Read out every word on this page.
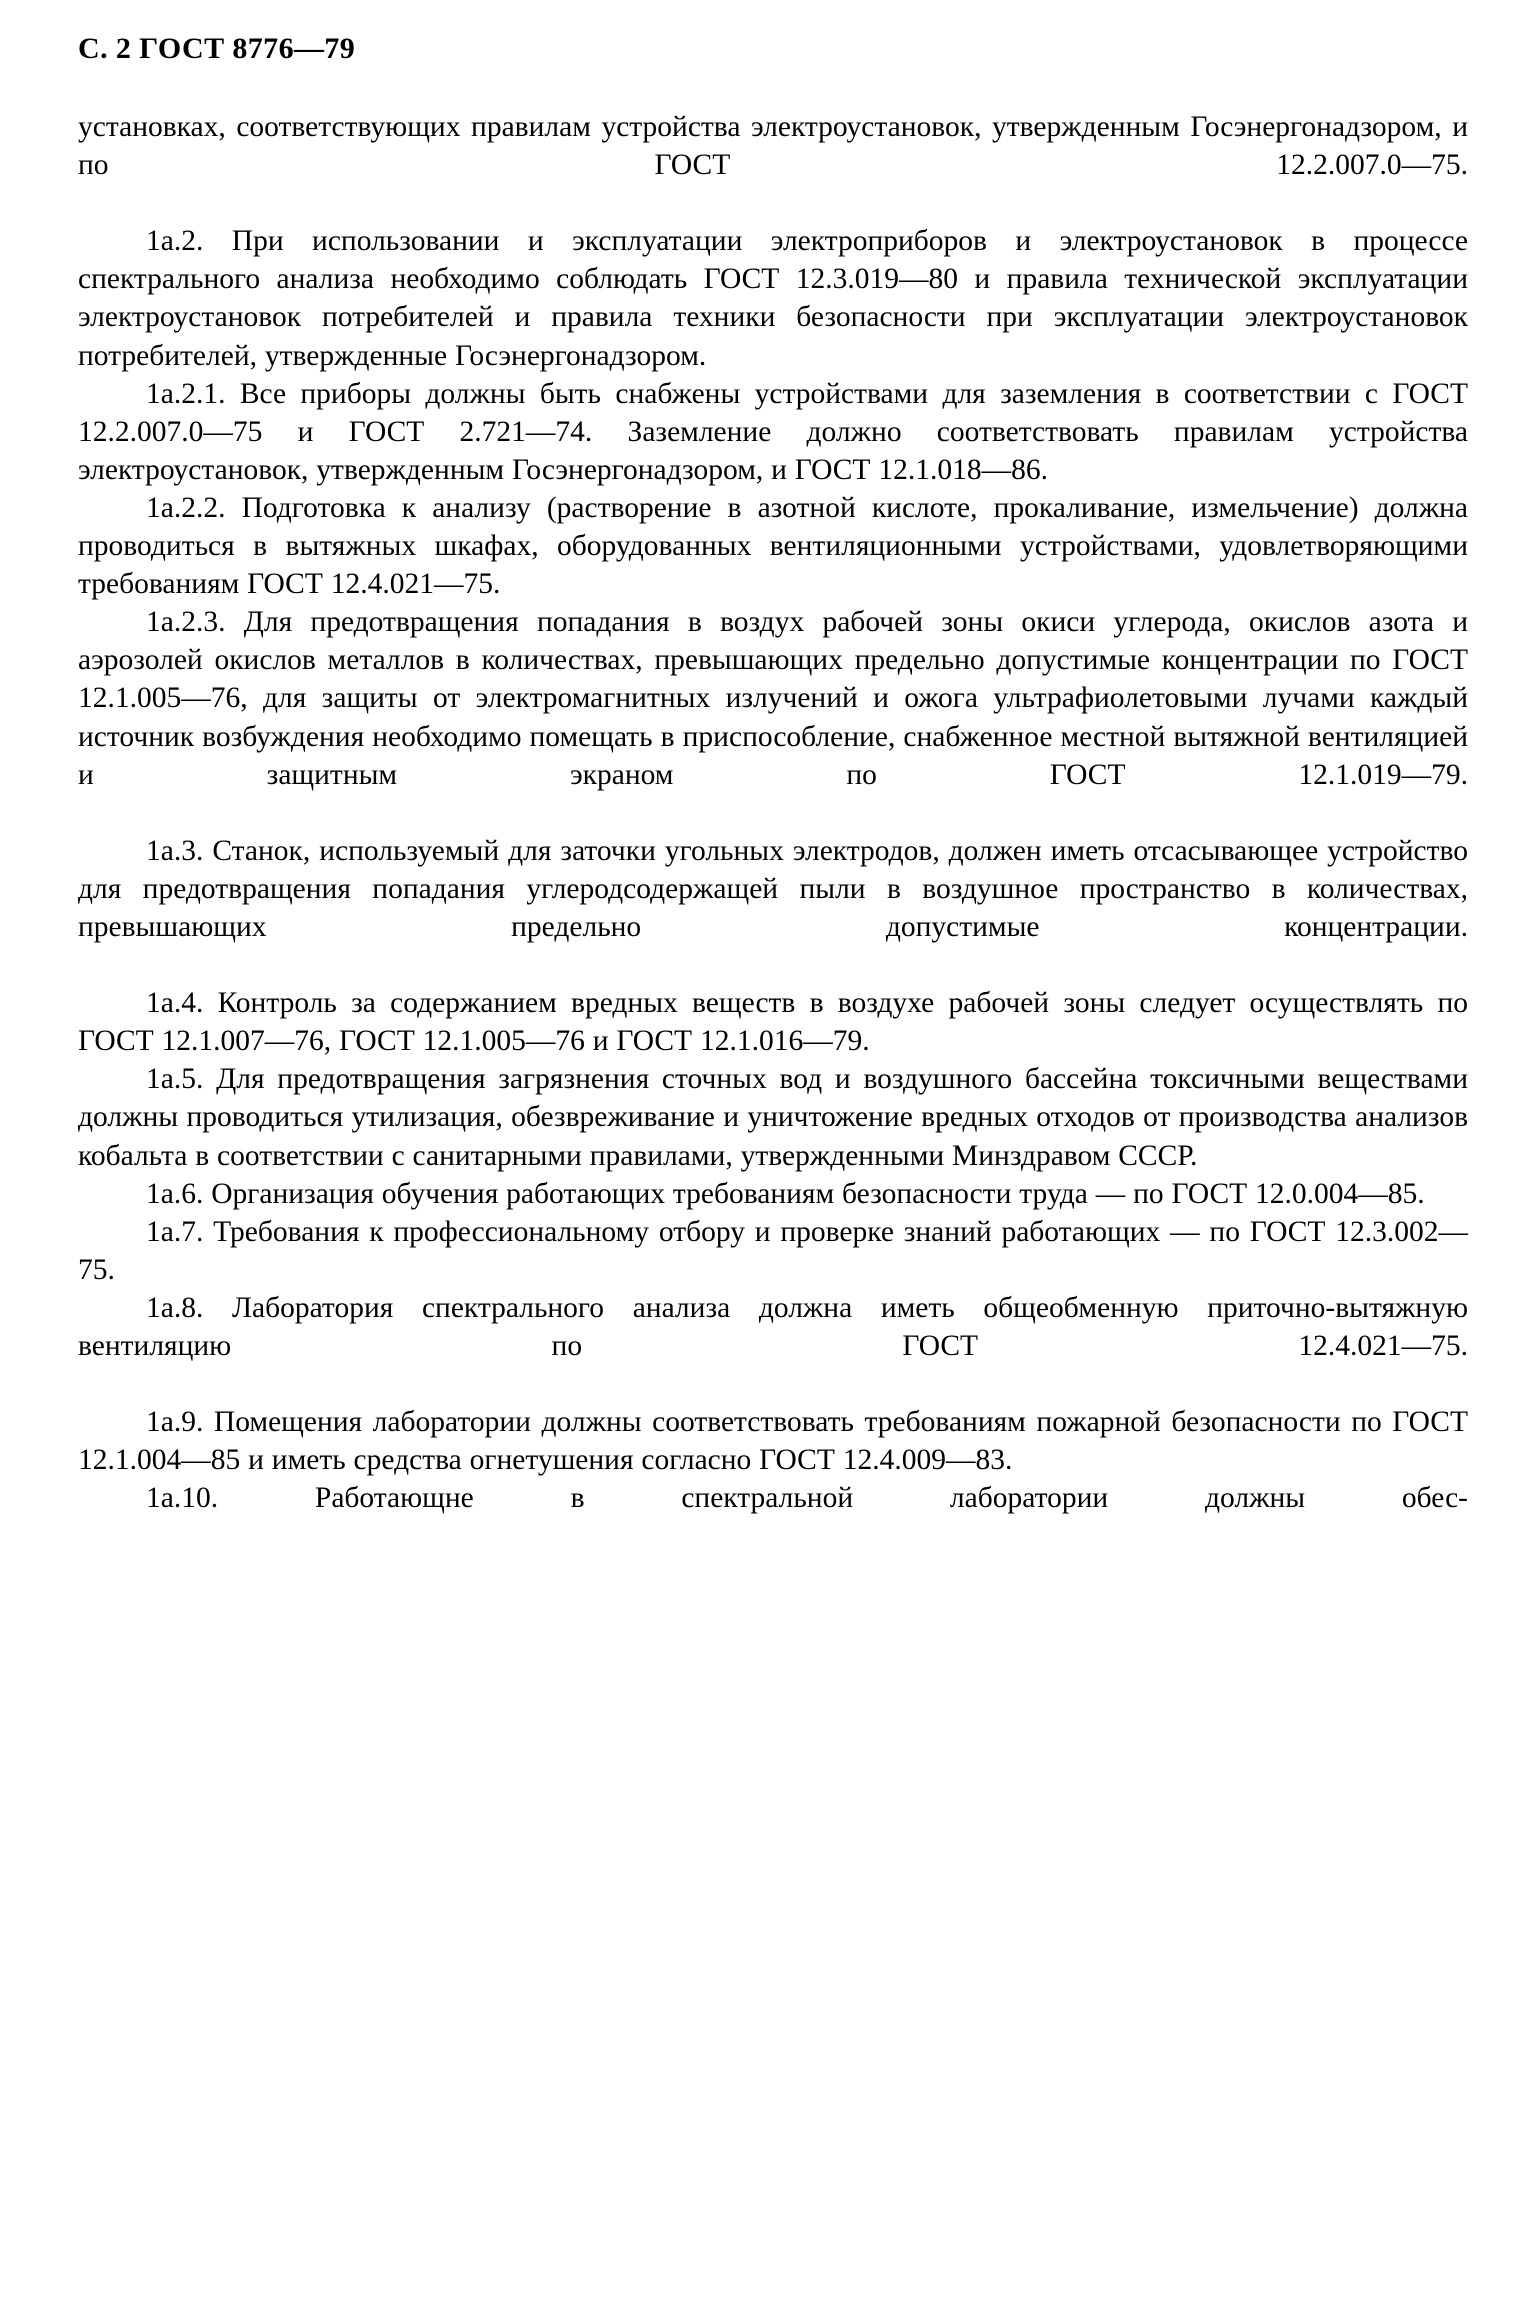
С. 2 ГОСТ 8776—79

установках, соответствующих правилам устройства электроустановок, утвержденным Госэнергонадзором, и по ГОСТ 12.2.007.0—75.

1а.2. При использовании и эксплуатации электроприборов и электроустановок в процессе спектрального анализа необходимо соблюдать ГОСТ 12.3.019—80 и правила технической эксплуатации электроустановок потребителей и правила техники безопасности при эксплуатации электроустановок потребителей, утвержденные Госэнергонадзором.

1а.2.1. Все приборы должны быть снабжены устройствами для заземления в соответствии с ГОСТ 12.2.007.0—75 и ГОСТ 2.721—74. Заземление должно соответствовать правилам устройства электроустановок, утвержденным Госэнергонадзором, и ГОСТ 12.1.018—86.

1а.2.2. Подготовка к анализу (растворение в азотной кислоте, прокаливание, измельчение) должна проводиться в вытяжных шкафах, оборудованных вентиляционными устройствами, удовлетворяющими требованиям ГОСТ 12.4.021—75.

1а.2.3. Для предотвращения попадания в воздух рабочей зоны окиси углерода, окислов азота и аэрозолей окислов металлов в количествах, превышающих предельно допустимые концентрации по ГОСТ 12.1.005—76, для защиты от электромагнитных излучений и ожога ультрафиолетовыми лучами каждый источник возбуждения необходимо помещать в приспособление, снабженное местной вытяжной вентиляцией и защитным экраном по ГОСТ 12.1.019—79.

1а.3. Станок, используемый для заточки угольных электродов, должен иметь отсасывающее устройство для предотвращения попадания углеродсодержащей пыли в воздушное пространство в количествах, превышающих предельно допустимые концентрации.

1а.4. Контроль за содержанием вредных веществ в воздухе рабочей зоны следует осуществлять по ГОСТ 12.1.007—76, ГОСТ 12.1.005—76 и ГОСТ 12.1.016—79.

1а.5. Для предотвращения загрязнения сточных вод и воздушного бассейна токсичными веществами должны проводиться утилизация, обезвреживание и уничтожение вредных отходов от производства анализов кобальта в соответствии с санитарными правилами, утвержденными Минздравом СССР.

1а.6. Организация обучения работающих требованиям безопасности труда — по ГОСТ 12.0.004—85.

1а.7. Требования к профессиональному отбору и проверке знаний работающих — по ГОСТ 12.3.002—75.

1а.8. Лаборатория спектрального анализа должна иметь общеобменную приточно-вытяжную вентиляцию по ГОСТ 12.4.021—75.

1а.9. Помещения лаборатории должны соответствовать требованиям пожарной безопасности по ГОСТ 12.1.004—85 и иметь средства огнетушения согласно ГОСТ 12.4.009—83.

1а.10. Работающне в спектральной лаборатории должны обес-
